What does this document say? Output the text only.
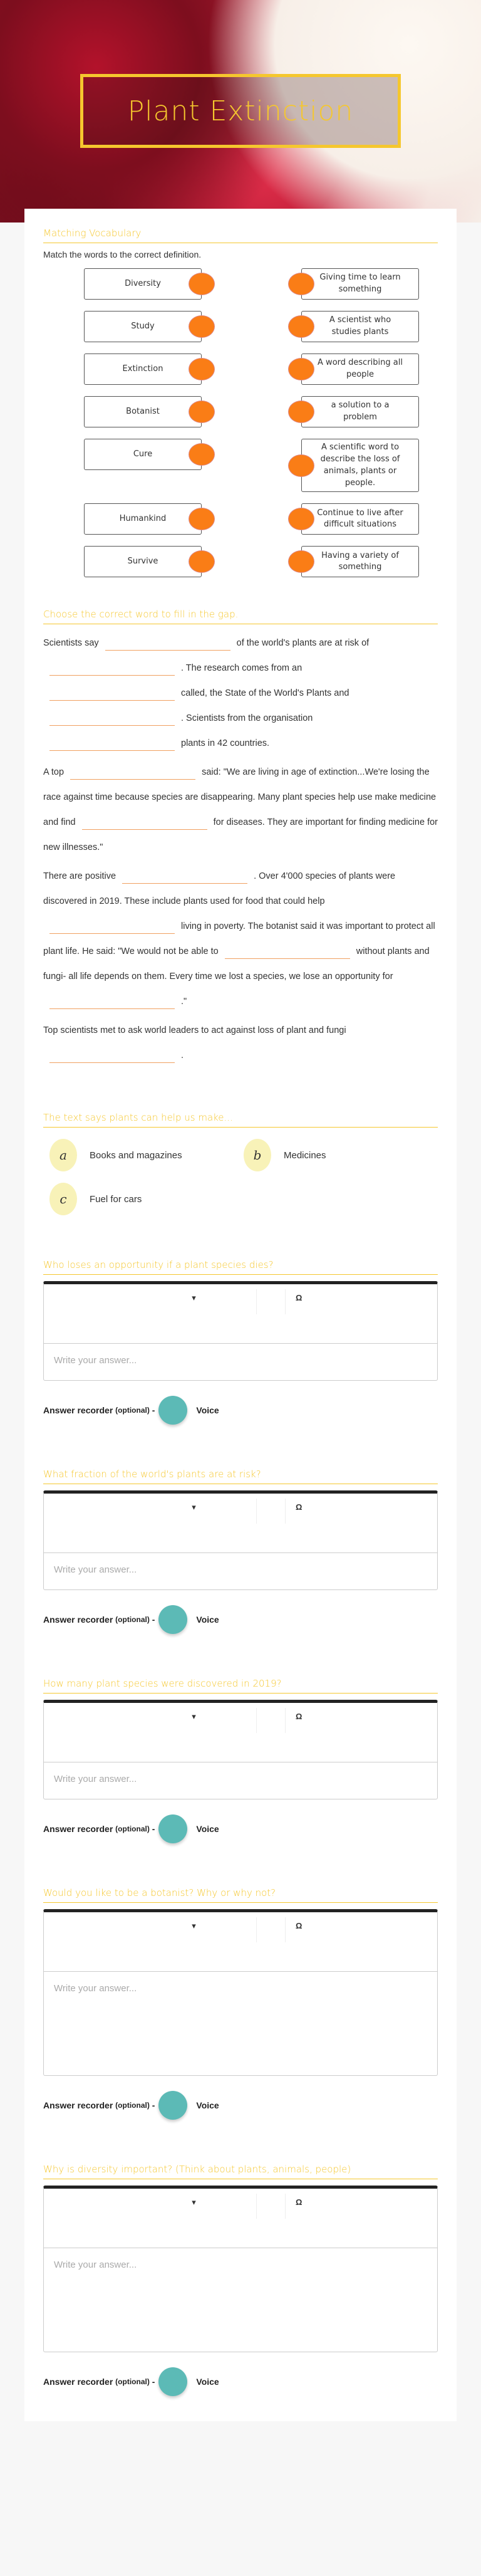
Plant Extinction
Matching Vocabulary

Match the words to the correct definition.

Diversity
Giving time to learn something
Study
A scientist who studies plants
Extinction
A word describing all people
Botanist
a solution to a problem
Cure
A scientific word to describe the loss of animals, plants or people.
Humankind
Continue to live after difficult situations
Survive
Having a variety of something
Choose the correct word to fill in the gap.

Scientists say	of the world's plants are at risk of. The research comes from an
called, the State of the World's Plants and
. Scientists from the organisation
plants in 42 countries.

A top	said: "We are living in age of extinction...We're losing the race against time because species are disappearing. Many plant species help use make medicine and find	for diseases. They are important for finding medicine for new illnesses."

There are positive	. Over 4'000 species of plants were discovered in 2019. These include plants used for food that could helpliving in poverty. The botanist said it was important to protect all plant life. He said: "We would not be able to	without plants and fungi- all life depends on them. Every time we lost a species, we lose an opportunity for."

Top scientists met to ask world leaders to act against loss of plant and fungi
.

The text says plants can help us make...
a	Books and magazines	b	Medicines
c	Fuel for cars
Who loses an opportunity if a plant species dies?
▾	Ω
Write your answer...
Answer recorder
(optional)
-	Voice
What fraction of the world's plants are at risk?
▾	Ω
Write your answer...
Answer recorder
(optional)
-	Voice
How many plant species were discovered in 2019?
▾	Ω
Write your answer...
Answer recorder
(optional)
-	Voice
Would you like to be a botanist? Why or why not?
▾	Ω
Write your answer...
Answer recorder
(optional)
-	Voice
Why is diversity important? (Think about plants, animals, people)
▾	Ω
Write your answer...
Answer recorder
(optional)
-	Voice
